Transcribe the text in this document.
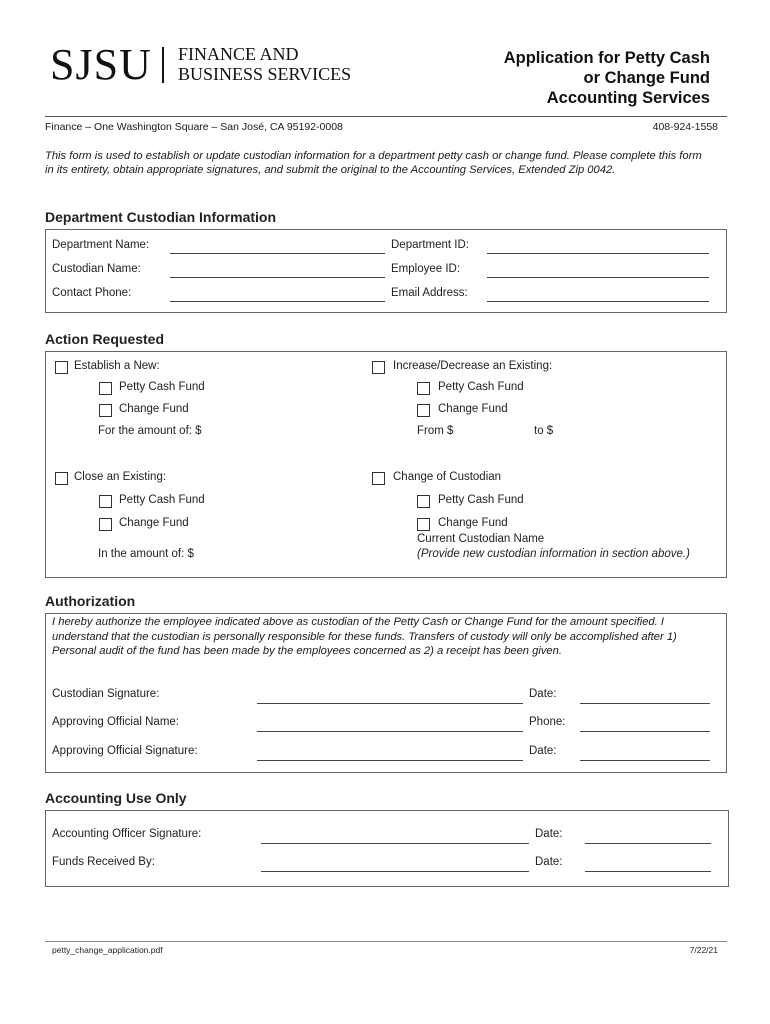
SJSU FINANCE AND
BUSINESS SERVICES
Application for Petty Cash
or Change Fund
Accounting Services
Finance – One Washington Square – San José, CA 95192-0008	408-924-1558
This form is used to establish or update custodian information for a department petty cash or change fund. Please complete this form in its entirety, obtain appropriate signatures, and submit the original to the Accounting Services, Extended Zip 0042.
Department Custodian Information
Department Name:	Department ID:
Custodian Name:	Employee ID:
Contact Phone:	Email Address:
Action Requested
Establish a New:
Petty Cash Fund
Change Fund
For the amount of: $
Increase/Decrease an Existing:
Petty Cash Fund
Change Fund
From $	to $
Close an Existing:
Petty Cash Fund
Change Fund
In the amount of: $
Change of Custodian
Petty Cash Fund
Change Fund
Current Custodian Name
(Provide new custodian information in section above.)
Authorization
I hereby authorize the employee indicated above as custodian of the Petty Cash or Change Fund for the amount specified. I understand that the custodian is personally responsible for these funds. Transfers of custody will only be accomplished after 1) Personal audit of the fund has been made by the employees concerned as 2) a receipt has been given.
Custodian Signature:	Date:
Approving Official Name:	Phone:
Approving Official Signature:	Date:
Accounting Use Only
Accounting Officer Signature:	Date:
Funds Received By:	Date:
petty_change_application.pdf	7/22/21
